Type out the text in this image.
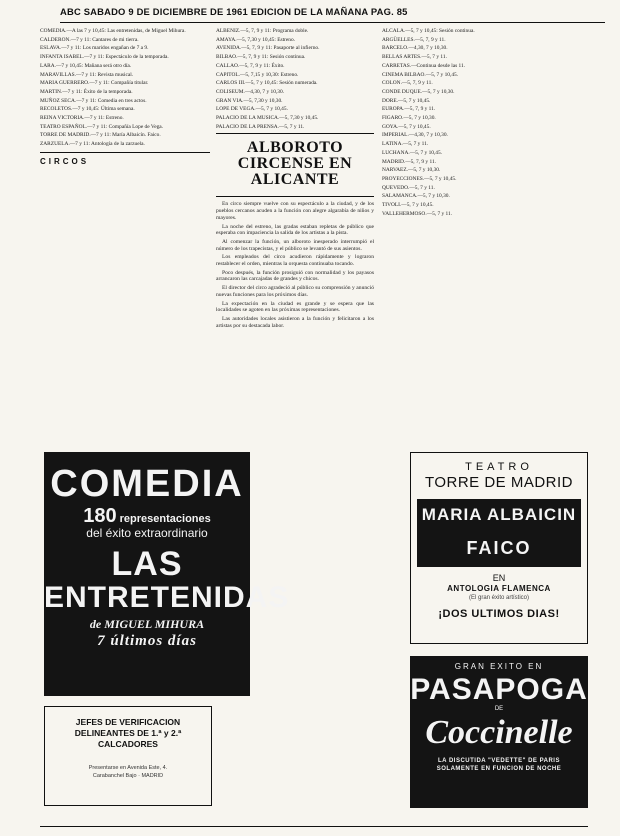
ABC SABADO 9 DE DICIEMBRE DE 1961 EDICION DE LA MAÑANA PAG. 85
COMEDIA.—A las 7 y 10,45: Las entretenidas, de Miguel Mihura.
CALDERON.—7 y 11: Cantares de mi tierra.
ESLAVA.—7 y 11: Los maridos engañan de 7 a 9.
INFANTA ISABEL.—7 y 11: Espectáculo de la temporada.
LARA.—7 y 10,45: Mañana será otro día.
MARAVILLAS.—7 y 11: Revista musical.
MARIA GUERRERO.—7 y 11: Compañía titular.
MARTIN.—7 y 11: Éxito de la temporada.
MUÑOZ SECA.—7 y 11: Comedia en tres actos.
RECOLETOS.—7 y 10,45: Última semana.
REINA VICTORIA.—7 y 11: Estreno.
TEATRO ESPAÑOL.—7 y 11: Compañía Lope de Vega.
TORRE DE MADRID.—7 y 11: María Albaicín. Faico.
ZARZUELA.—7 y 11: Antología de la zarzuela.
CIRCOS
ALBENIZ.—5, 7, 9 y 11: Programa doble.
AMAYA.—5, 7,30 y 10,45: Estreno.
AVENIDA.—5, 7, 9 y 11: Pasaporte al infierno.
BILBAO.—5, 7, 9 y 11: Sesión continua.
CALLAO.—5, 7, 9 y 11: Éxito.
CAPITOL.—5, 7,15 y 10,30: Estreno.
CARLOS III.—5, 7 y 10,45: Sesión numerada.
COLISEUM.—4,30, 7 y 10,30.
GRAN VIA.—5, 7,30 y 10,30.
LOPE DE VEGA.—5, 7 y 10,45.
PALACIO DE LA MUSICA.—5, 7,30 y 10,45.
PALACIO DE LA PRENSA.—5, 7 y 11.
ALBOROTO CIRCENSE EN ALICANTE

En circo siempre vuelve con su espectáculo a la ciudad, y de los pueblos cercanos acuden a la función con alegre algarabía de niños y mayores.

La noche del estreno, las gradas estaban repletas de público que esperaba con impaciencia la salida de los artistas a la pista.

Al comenzar la función, un alboroto inesperado interrumpió el número de los trapecistas, y el público se levantó de sus asientos.

Los empleados del circo acudieron rápidamente y lograron restablecer el orden, mientras la orquesta continuaba tocando.

Poco después, la función prosiguió con normalidad y los payasos arrancaron las carcajadas de grandes y chicos.

El director del circo agradeció al público su comprensión y anunció nuevas funciones para los próximos días.

La expectación en la ciudad es grande y se espera que las localidades se agoten en las próximas representaciones.

Las autoridades locales asistieron a la función y felicitaron a los artistas por su destacada labor.

ALCALA.—5, 7 y 10,45: Sesión continua.
ARGÜELLES.—5, 7, 9 y 11.
BARCELO.—4,30, 7 y 10,30.
BELLAS ARTES.—5, 7 y 11.
CARRETAS.—Continua desde las 11.
CINEMA BILBAO.—5, 7 y 10,45.
COLON.—5, 7, 9 y 11.
CONDE DUQUE.—5, 7 y 10,30.
DORE.—5, 7 y 10,45.
EUROPA.—5, 7, 9 y 11.
FIGARO.—5, 7 y 10,30.
GOYA.—5, 7 y 10,45.
IMPERIAL.—4,30, 7 y 10,30.
LATINA.—5, 7 y 11.
LUCHANA.—5, 7 y 10,45.
MADRID.—5, 7, 9 y 11.
NARVAEZ.—5, 7 y 10,30.
PROYECCIONES.—5, 7 y 10,45.
QUEVEDO.—5, 7 y 11.
SALAMANCA.—5, 7 y 10,30.
TIVOLI.—5, 7 y 10,45.
VALLEHERMOSO.—5, 7 y 11.
COMEDIA
180 representaciones
del éxito extraordinario
LAS
ENTRETENIDAS
de MIGUEL MIHURA
7 últimos días
JEFES DE VERIFICACION
DELINEANTES DE 1.ª y 2.ª
CALCADORES
Presentarse en Avenida Este, 4.
Carabanchel Bajo · MADRID
TEATRO
TORRE DE MADRID
MARIA ALBAICIN
FAICO
EN
ANTOLOGIA FLAMENCA
(El gran éxito artístico)
¡DOS ULTIMOS DIAS!
GRAN EXITO EN
PASAPOGA
DE
Coccinelle
LA DISCUTIDA "VEDETTE" DE PARIS
SOLAMENTE EN FUNCION DE NOCHE
